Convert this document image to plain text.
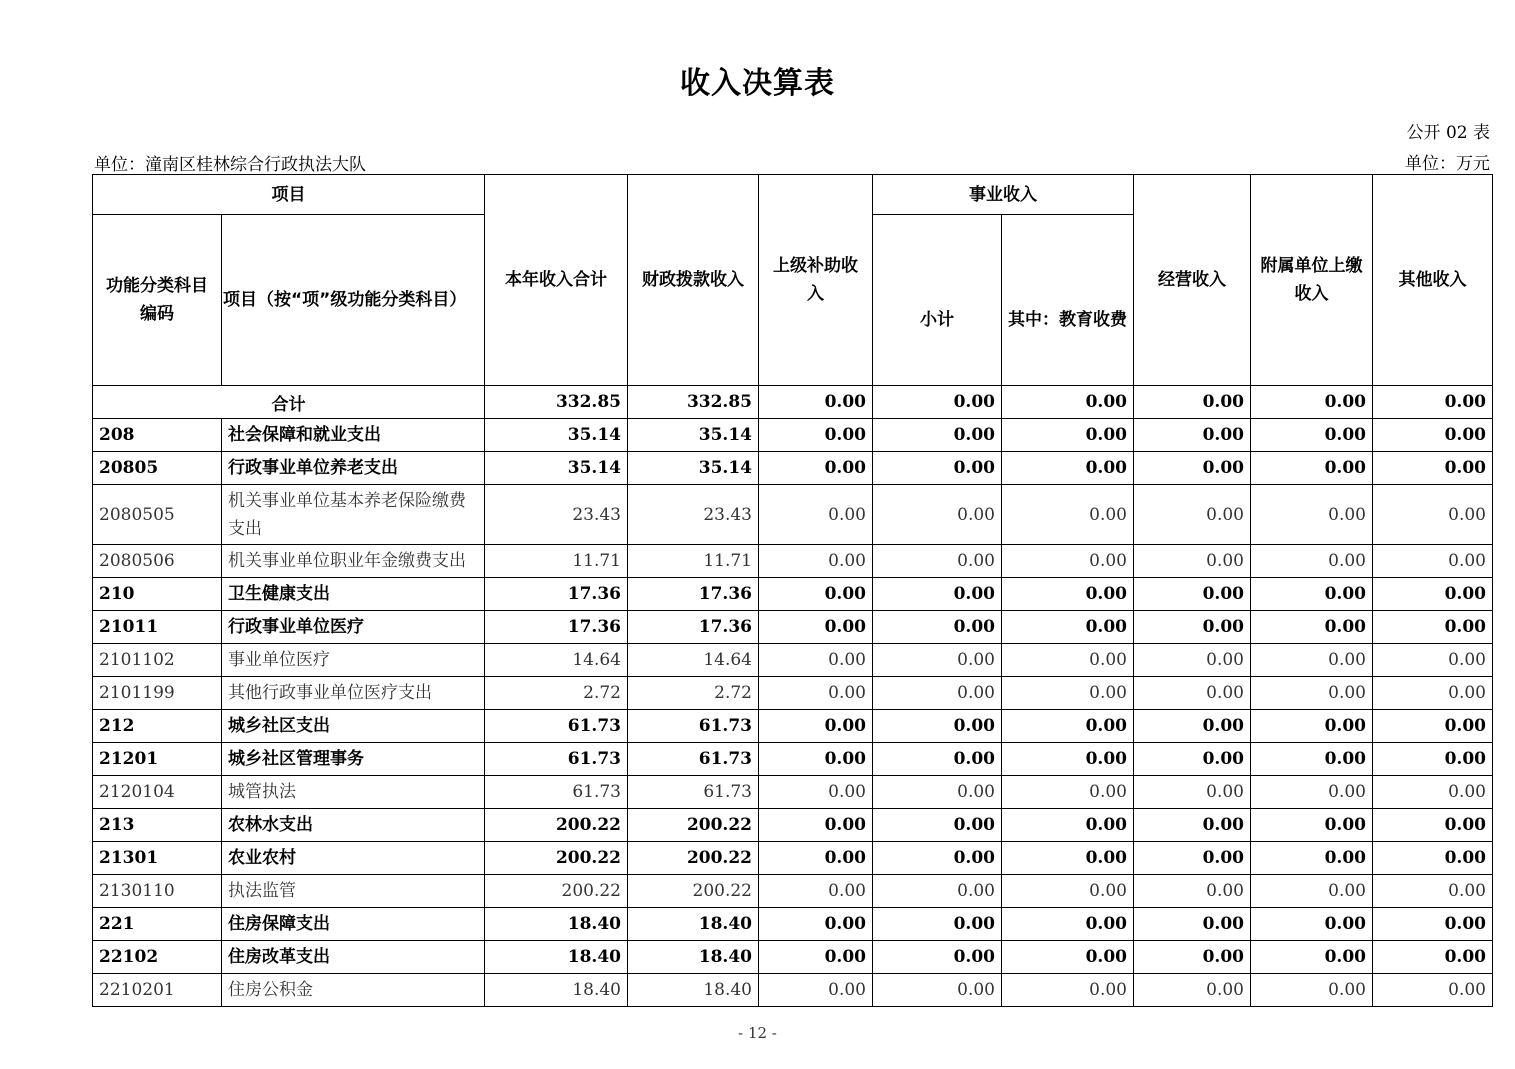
收入决算表
公开 02 表
单位：潼南区桂林综合行政执法大队	单位：万元
项目		本年收入合计	财政拨款收入	上级补助收入	事业收入		经营收入	附属单位上缴收入	其他收入
功能分类科目编码	项目（按“项”级功能分类科目）				小计	其中：教育收费			
合计		332.85	332.85	0.00	0.00	0.00	0.00	0.00	0.00
208	社会保障和就业支出	35.14	35.14	0.00	0.00	0.00	0.00	0.00	0.00
20805	行政事业单位养老支出	35.14	35.14	0.00	0.00	0.00	0.00	0.00	0.00
2080505	机关事业单位基本养老保险缴费支出	23.43	23.43	0.00	0.00	0.00	0.00	0.00	0.00
2080506	机关事业单位职业年金缴费支出	11.71	11.71	0.00	0.00	0.00	0.00	0.00	0.00
210	卫生健康支出	17.36	17.36	0.00	0.00	0.00	0.00	0.00	0.00
21011	行政事业单位医疗	17.36	17.36	0.00	0.00	0.00	0.00	0.00	0.00
2101102	事业单位医疗	14.64	14.64	0.00	0.00	0.00	0.00	0.00	0.00
2101199	其他行政事业单位医疗支出	2.72	2.72	0.00	0.00	0.00	0.00	0.00	0.00
212	城乡社区支出	61.73	61.73	0.00	0.00	0.00	0.00	0.00	0.00
21201	城乡社区管理事务	61.73	61.73	0.00	0.00	0.00	0.00	0.00	0.00
2120104	城管执法	61.73	61.73	0.00	0.00	0.00	0.00	0.00	0.00
213	农林水支出	200.22	200.22	0.00	0.00	0.00	0.00	0.00	0.00
21301	农业农村	200.22	200.22	0.00	0.00	0.00	0.00	0.00	0.00
2130110	执法监管	200.22	200.22	0.00	0.00	0.00	0.00	0.00	0.00
221	住房保障支出	18.40	18.40	0.00	0.00	0.00	0.00	0.00	0.00
22102	住房改革支出	18.40	18.40	0.00	0.00	0.00	0.00	0.00	0.00
2210201	住房公积金	18.40	18.40	0.00	0.00	0.00	0.00	0.00	0.00
- 12 -
